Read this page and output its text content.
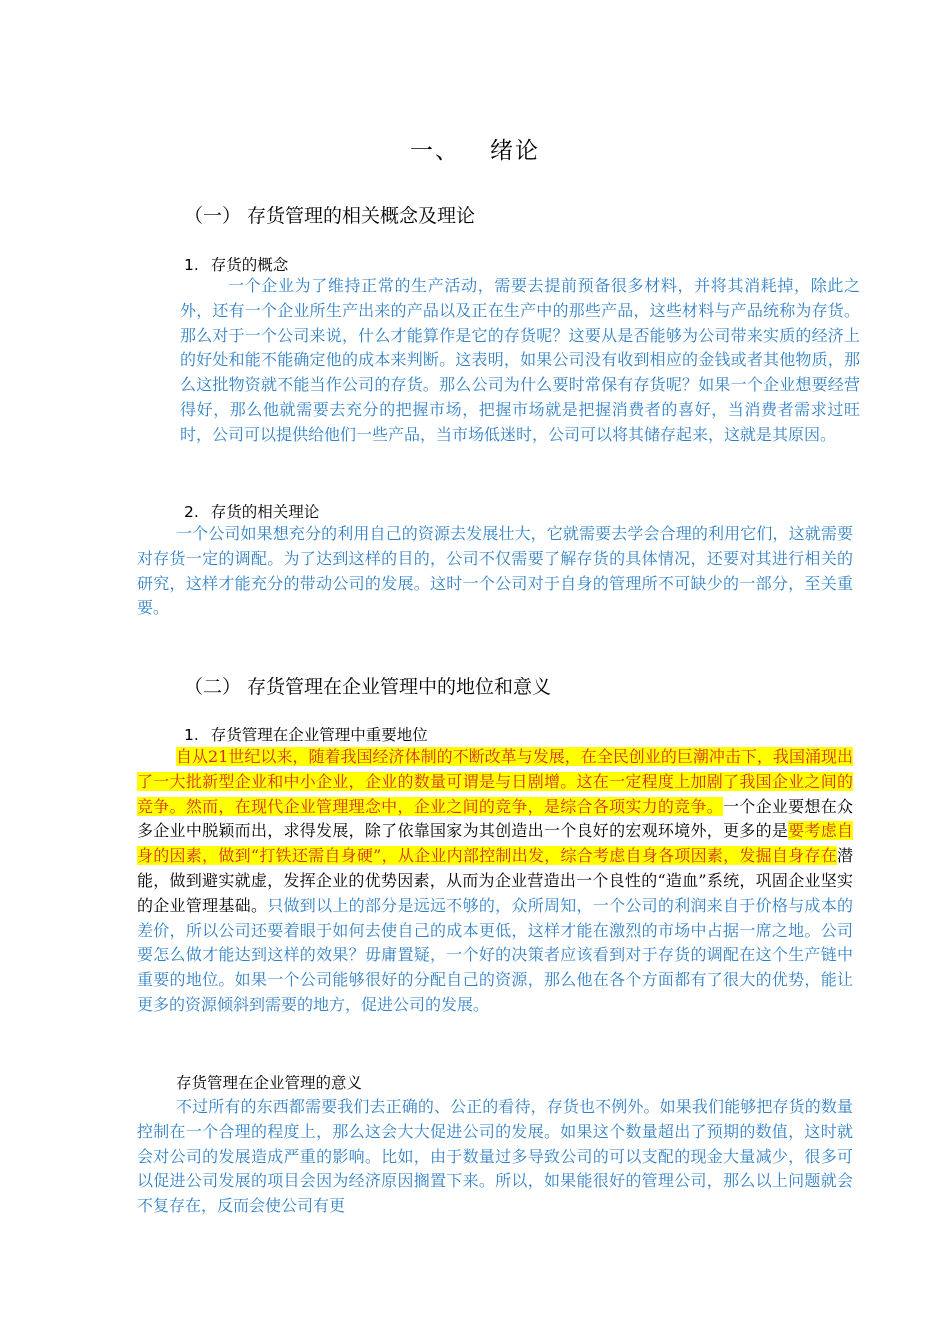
一、 绪论
（一） 存货管理的相关概念及理论
1. 存货的概念

一个企业为了维持正常的生产活动，需要去提前预备很多材料，并将其消耗掉，除此之外，还有一个企业所生产出来的产品以及正在生产中的那些产品，这些材料与产品统称为存货。那么对于一个公司来说，什么才能算作是它的存货呢？这要从是否能够为公司带来实质的经济上的好处和能不能确定他的成本来判断。这表明，如果公司没有收到相应的金钱或者其他物质，那么这批物资就不能当作公司的存货。那么公司为什么要时常保有存货呢？如果一个企业想要经营得好，那么他就需要去充分的把握市场，把握市场就是把握消费者的喜好，当消费者需求过旺时，公司可以提供给他们一些产品，当市场低迷时，公司可以将其储存起来，这就是其原因。

2. 存货的相关理论

一个公司如果想充分的利用自己的资源去发展壮大，它就需要去学会合理的利用它们，这就需要对存货一定的调配。为了达到这样的目的，公司不仅需要了解存货的具体情况，还要对其进行相关的研究，这样才能充分的带动公司的发展。这时一个公司对于自身的管理所不可缺少的一部分，至关重要。

（二） 存货管理在企业管理中的地位和意义
1. 存货管理在企业管理中重要地位

自从21世纪以来，随着我国经济体制的不断改革与发展，在全民创业的巨潮冲击下，我国涌现出了一大批新型企业和中小企业，企业的数量可谓是与日剧增。这在一定程度上加剧了我国企业之间的竞争。然而，在现代企业管理理念中，企业之间的竞争，是综合各项实力的竞争。一个企业要想在众多企业中脱颖而出，求得发展，除了依靠国家为其创造出一个良好的宏观环境外，更多的是要考虑自身的因素，做到“打铁还需自身硬”，从企业内部控制出发，综合考虑自身各项因素，发掘自身存在潜能，做到避实就虚，发挥企业的优势因素，从而为企业营造出一个良性的“造血”系统，巩固企业坚实的企业管理基础。只做到以上的部分是远远不够的，众所周知，一个公司的利润来自于价格与成本的差价，所以公司还要着眼于如何去使自己的成本更低，这样才能在激烈的市场中占据一席之地。公司要怎么做才能达到这样的效果？毋庸置疑，一个好的决策者应该看到对于存货的调配在这个生产链中重要的地位。如果一个公司能够很好的分配自己的资源，那么他在各个方面都有了很大的优势，能让更多的资源倾斜到需要的地方，促进公司的发展。

存货管理在企业管理的意义

不过所有的东西都需要我们去正确的、公正的看待，存货也不例外。如果我们能够把存货的数量控制在一个合理的程度上，那么这会大大促进公司的发展。如果这个数量超出了预期的数值，这时就会对公司的发展造成严重的影响。比如，由于数量过多导致公司的可以支配的现金大量减少，很多可以促进公司发展的项目会因为经济原因搁置下来。所以，如果能很好的管理公司，那么以上问题就会不复存在，反而会使公司有更
